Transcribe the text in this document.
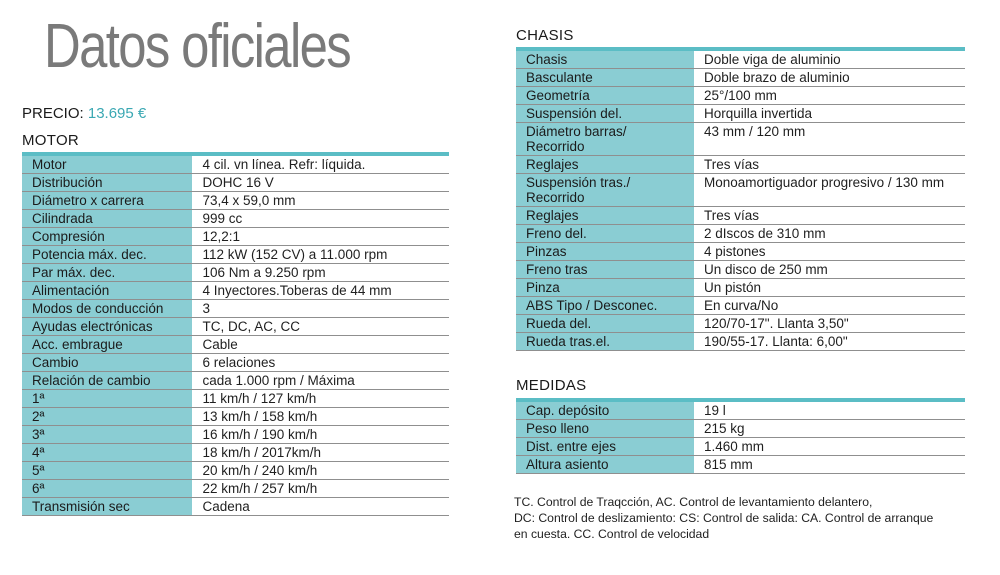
Datos oficiales
PRECIO: 13.695 €
MOTOR
Motor	4 cil. vn línea. Refr: líquida.
Distribución	DOHC 16 V
Diámetro x carrera	73,4 x 59,0 mm
Cilindrada	999 cc
Compresión	12,2:1
Potencia máx. dec.	112 kW (152 CV) a 11.000 rpm
Par máx. dec.	106 Nm a 9.250 rpm
Alimentación	4 Inyectores.Toberas de 44 mm
Modos de conducción	3
Ayudas electrónicas	TC, DC, AC, CC
Acc. embrague	Cable
Cambio	6 relaciones
Relación de cambio	cada 1.000 rpm / Máxima
1ª	11 km/h / 127 km/h
2ª	13 km/h / 158 km/h
3ª	16 km/h / 190 km/h
4ª	18 km/h / 2017km/h
5ª	20 km/h / 240 km/h
6ª	22 km/h / 257 km/h
Transmisión sec	Cadena
CHASIS
Chasis	Doble viga de aluminio
Basculante	Doble brazo de aluminio
Geometría	25°/100 mm
Suspensión del.	Horquilla invertida
Diámetro barras/ Recorrido	43 mm / 120 mm
Reglajes	Tres vías
Suspensión tras./ Recorrido	Monoamortiguador progresivo / 130 mm
Reglajes	Tres vías
Freno del.	2 dIscos de 310 mm
Pinzas	4 pistones
Freno tras	Un disco de 250 mm
Pinza	Un pistón
ABS Tipo / Desconec.	En curva/No
Rueda del.	120/70-17". Llanta 3,50"
Rueda tras.el.	190/55-17. Llanta: 6,00"
MEDIDAS
Cap. depósito	19 l
Peso lleno	215 kg
Dist. entre ejes	1.460 mm
Altura asiento	815 mm
TC. Control de Traqcción, AC. Control de levantamiento delantero,
DC: Control de deslizamiento: CS: Control de salida: CA. Control de arranque
en cuesta. CC. Control de velocidad
